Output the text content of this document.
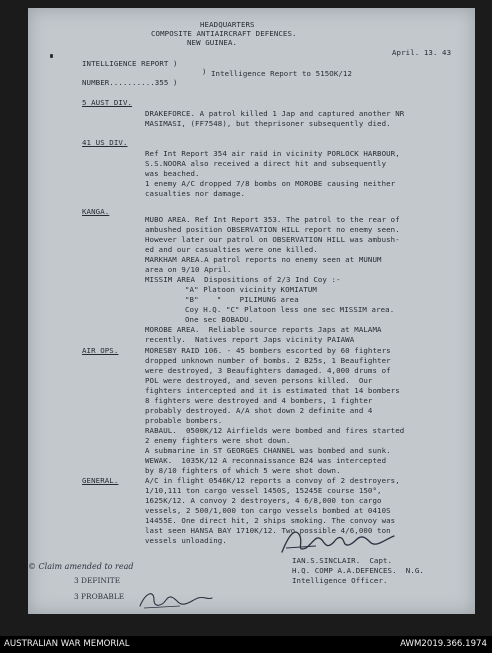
HEADQUARTERS
COMPOSITE ANTIAIRCRAFT DEFENCES.
NEW GUINEA.
April. 13. 43
INTELLIGENCE REPORT )
) Intelligence Report to 515OK/12
NUMBER..........355 )
5 AUST DIV.
DRAKEFORCE. A patrol killed 1 Jap and captured another NR
MASIMASI, (FF7548), but theprisoner subsequently died.
41 US DIV.
Ref Int Report 354 air raid in vicinity PORLOCK HARBOUR,
S.S.NOORA also received a direct hit and subsequently
was beached.
1 enemy A/C dropped 7/8 bombs on MOROBE causing neither
casualties nor damage.
KANGA.
MUBO AREA. Ref Int Report 353. The patrol to the rear of
ambushed position OBSERVATION HILL report no enemy seen.
However later our patrol on OBSERVATION HILL was ambush-
ed and our casualties were one killed.
MARKHAM AREA.A patrol reports no enemy seen at MUNUM
area on 9/10 April.
MISSIM AREA  Dispositions of 2/3 Ind Coy :-
"A" Platoon vicinity KOMIATUM
"B"    "    PILIMUNG area
Coy H.Q. "C" Platoon less one sec MISSIM area.
One sec BOBADU.
MOROBE AREA.  Reliable source reports Japs at MALAMA
recently.  Natives report Japs vicinity PAIAWA
AIR OPS.	MORESBY RAID 106. - 45 bombers escorted by 60 fighters
dropped unknown number of bombs. 2 B25s, 1 Beaufighter
were destroyed, 3 Beaufighters damaged. 4,000 drums of
POL were destroyed, and seven persons killed.  Our
fighters intercepted and it is estimated that 14 bombers
8 fighters were destroyed and 4 bombers, 1 fighter
probably destroyed. A/A shot down 2 definite and 4
probable bombers.
RABAUL.  0500K/12 Airfields were bombed and fires started
2 enemy fighters were shot down.
A submarine in ST GEORGES CHANNEL was bombed and sunk.
WEWAK.  1035K/12 A reconnaissance B24 was intercepted
by 8/10 fighters of which 5 were shot down.
GENERAL.	A/C in flight 0546K/12 reports a convoy of 2 destroyers,
1/10,111 ton cargo vessel 1450S, 15245E course 150°,
1625K/12. A convoy 2 destroyers, 4 6/8,000 ton cargo
vessels, 2 500/1,000 ton cargo vessels bombed at 0410S
14455E. One direct hit, 2 ships smoking. The convoy was
last seen HANSA BAY 1710K/12. Two possible 4/6,000 ton
vessels unloading.
IAN.S.SINCLAIR.  Capt.
H.Q. COMP A.A.DEFENCES.  N.G.
Intelligence Officer.
© Claim amended to read
3 DEFINITE
3 PROBABLE
AUSTRALIAN WAR MEMORIAL	AWM2019.366.1974
